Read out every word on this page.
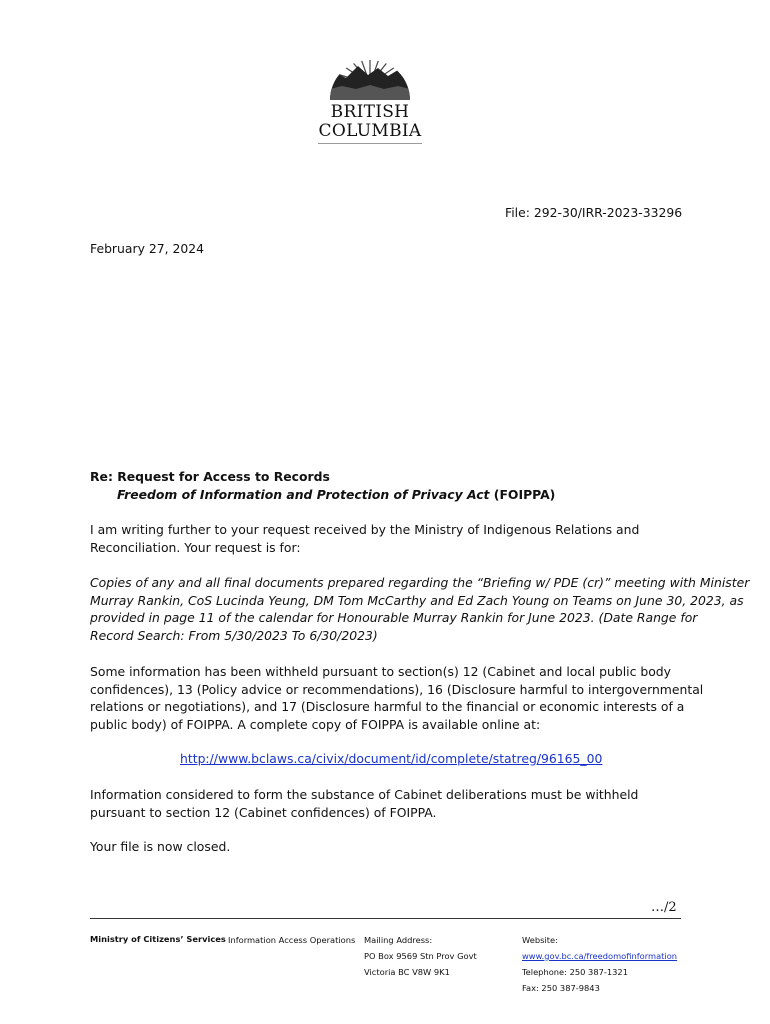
BRITISH
COLUMBIA
File: 292-30/IRR-2023-33296
February 27, 2024
Re: Request for Access to Records
Freedom of Information and Protection of Privacy Act (FOIPPA)
I am writing further to your request received by the Ministry of Indigenous Relations and
Reconciliation. Your request is for:
Copies of any and all final documents prepared regarding the “Briefing w/ PDE (cr)” meeting with Minister
Murray Rankin, CoS Lucinda Yeung, DM Tom McCarthy and Ed Zach Young on Teams on June 30, 2023, as
provided in page 11 of the calendar for Honourable Murray Rankin for June 2023. (Date Range for
Record Search: From 5/30/2023 To 6/30/2023)
Some information has been withheld pursuant to section(s) 12 (Cabinet and local public body
confidences), 13 (Policy advice or recommendations), 16 (Disclosure harmful to intergovernmental
relations or negotiations), and 17 (Disclosure harmful to the financial or economic interests of a
public body) of FOIPPA. A complete copy of FOIPPA is available online at:
http://www.bclaws.ca/civix/document/id/complete/statreg/96165_00
Information considered to form the substance of Cabinet deliberations must be withheld
pursuant to section 12 (Cabinet confidences) of FOIPPA.
Your file is now closed.
…/2
Ministry of Citizens’ Services Information Access Operations Mailing Address:
PO Box 9569 Stn Prov Govt
Victoria BC V8W 9K1
Website:
www.gov.bc.ca/freedomofinformation
Telephone: 250 387-1321
Fax: 250 387-9843
